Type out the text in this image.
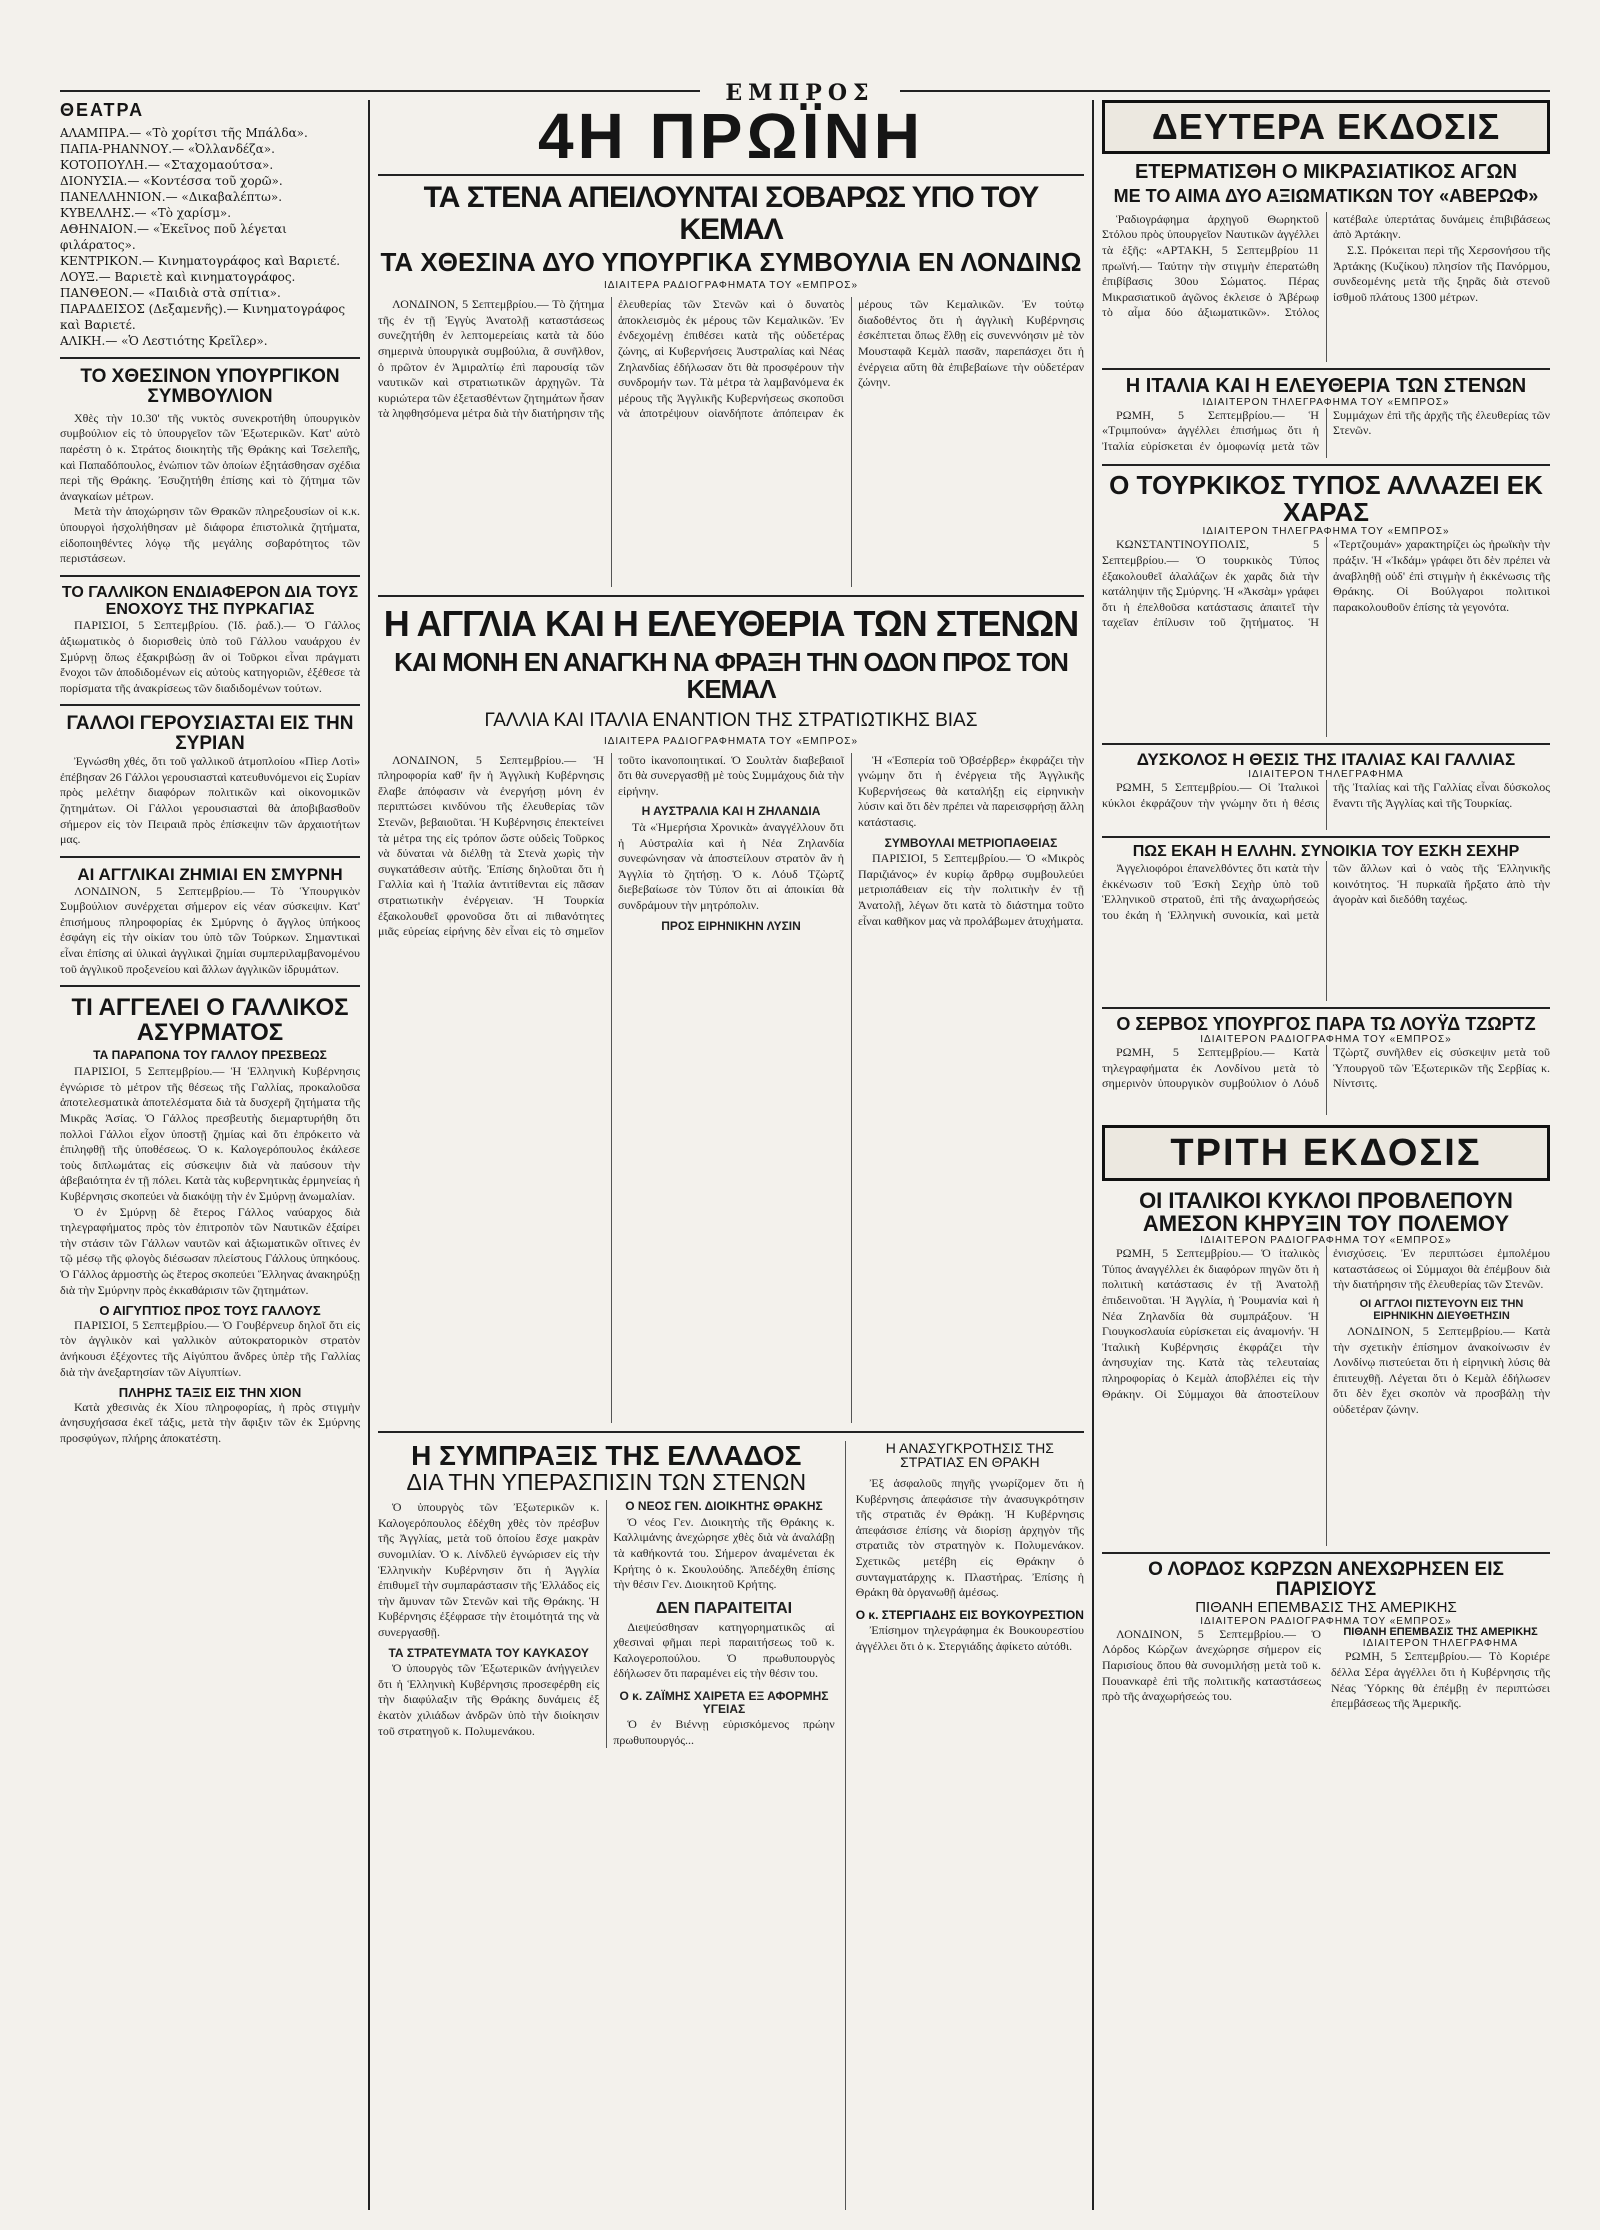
ΕΜΠΡΟΣ
ΘΕΑΤΡΑ

ΑΛΑΜΠΡΑ.— «Τὸ χορίτσι τῆς Μπάλδα».

ΠΑΠΑ-ΡΗΑΝΝΟΥ.— «Ὀλλανδέζα».

ΚΟΤΟΠΟΥΛΗ.— «Σταχομαούτσα».

ΔΙΟΝΥΣΙΑ.— «Κοντέσσα τοῦ χορῶ».

ΠΑΝΕΛΛΗΝΙΟΝ.— «Δικαβαλέπτω».

ΚΥΒΕΛΛΗΣ.— «Τὸ χαρίσμ».

ΑΘΗΝΑΙΟΝ.— «Ἐκεῖνος ποῦ λέγεται φιλάρατος».

ΚΕΝΤΡΙΚΟΝ.— Κινηματογράφος καὶ Βαριετέ.

ΛΟΥΞ.— Βαριετὲ καὶ κινηματογράφος.

ΠΑΝΘΕΟΝ.— «Παιδιὰ στὰ σπίτια».

ΠΑΡΑΔΕΙΣΟΣ (Δεξαμενῆς).— Κινηματογράφος καὶ Βαριετέ.

ΑΛΙΚΗ.— «Ὁ Λεστιότης Κρεῖλερ».

ΤΟ ΧΘΕΣΙΝΟΝ ΥΠΟΥΡΓΙΚΟΝ ΣΥΜΒΟΥΛΙΟΝ

Χθὲς τὴν 10.30' τῆς νυκτὸς συνεκροτήθη ὑπουργικὸν συμβούλιον εἰς τὸ ὑπουργεῖον τῶν Ἐξωτερικῶν. Κατ' αὐτὸ παρέστη ὁ κ. Στράτος διοικητὴς τῆς Θράκης καὶ Τσελεπῆς, καὶ Παπαδόπουλος, ἐνώπιον τῶν ὁποίων ἐξητάσθησαν σχέδια περὶ τῆς Θράκης. Ἐσυζητήθη ἐπίσης καὶ τὸ ζήτημα τῶν ἀναγκαίων μέτρων.

Μετὰ τὴν ἀποχώρησιν τῶν Θρακῶν πληρεξουσίων οἱ κ.κ. ὑπουργοὶ ἠσχολήθησαν μὲ διάφορα ἐπιστολικὰ ζητήματα, εἰδοποιηθέντες λόγῳ τῆς μεγάλης σοβαρότητος τῶν περιστάσεων.

ΤΟ ΓΑΛΛΙΚΟΝ ΕΝΔΙΑΦΕΡΟΝ ΔΙΑ ΤΟΥΣ ΕΝΟΧΟΥΣ ΤΗΣ ΠΥΡΚΑΓΙΑΣ

ΠΑΡΙΣΙΟΙ, 5 Σεπτεμβρίου. (Ἰδ. ῥαδ.).— Ὁ Γάλλος ἀξιωματικὸς ὁ διορισθεὶς ὑπὸ τοῦ Γάλλου ναυάρχου ἐν Σμύρνῃ ὅπως ἐξακριβώσῃ ἂν οἱ Τοῦρκοι εἶναι πράγματι ἔνοχοι τῶν ἀποδιδομένων εἰς αὐτοὺς κατηγοριῶν, ἐξέθεσε τὰ πορίσματα τῆς ἀνακρίσεως τῶν διαδιδομένων τούτων.

ΓΑΛΛΟΙ ΓΕΡΟΥΣΙΑΣΤΑΙ ΕΙΣ ΤΗΝ ΣΥΡΙΑΝ

Ἐγνώσθη χθές, ὅτι τοῦ γαλλικοῦ ἀτμοπλοίου «Πὶερ Λοτὶ» ἐπέβησαν 26 Γάλλοι γερουσιασταὶ κατευθυνόμενοι εἰς Συρίαν πρὸς μελέτην διαφόρων πολιτικῶν καὶ οἰκονομικῶν ζητημάτων. Οἱ Γάλλοι γερουσιασταὶ θὰ ἀποβιβασθοῦν σήμερον εἰς τὸν Πειραιᾶ πρὸς ἐπίσκεψιν τῶν ἀρχαιοτήτων μας.

ΑΙ ΑΓΓΛΙΚΑΙ ΖΗΜΙΑΙ ΕΝ ΣΜΥΡΝΗ

ΛΟΝΔΙΝΟΝ, 5 Σεπτεμβρίου.— Τὸ Ὑπουργικὸν Συμβούλιον συνέρχεται σήμερον εἰς νέαν σύσκεψιν. Κατ' ἐπισήμους πληροφορίας ἐκ Σμύρνης ὁ ἄγγλος ὑπήκοος ἐσφάγη εἰς τὴν οἰκίαν του ὑπὸ τῶν Τούρκων. Σημαντικαὶ εἶναι ἐπίσης αἱ ὑλικαὶ ἀγγλικαὶ ζημίαι συμπεριλαμβανομένου τοῦ ἀγγλικοῦ προξενείου καὶ ἄλλων ἀγγλικῶν ἱδρυμάτων.

ΤΙ ΑΓΓΕΛΕΙ Ο ΓΑΛΛΙΚΟΣ ΑΣΥΡΜΑΤΟΣ
ΤΑ ΠΑΡΑΠΟΝΑ ΤΟΥ ΓΑΛΛΟΥ ΠΡΕΣΒΕΩΣ

ΠΑΡΙΣΙΟΙ, 5 Σεπτεμβρίου.— Ἡ Ἑλληνικὴ Κυβέρνησις ἐγνώρισε τὸ μέτρον τῆς θέσεως τῆς Γαλλίας, προκαλοῦσα ἀποτελεσματικὰ ἀποτελέσματα διὰ τὰ δυσχερῆ ζητήματα τῆς Μικρᾶς Ἀσίας. Ὁ Γάλλος πρεσβευτὴς διεμαρτυρήθη ὅτι πολλοὶ Γάλλοι εἶχον ὑποστῇ ζημίας καὶ ὅτι ἐπρόκειτο νὰ ἐπιληφθῇ τῆς ὑποθέσεως. Ὁ κ. Καλογερόπουλος ἐκάλεσε τοὺς διπλωμάτας εἰς σύσκεψιν διὰ νὰ παύσουν τὴν ἀβεβαιότητα ἐν τῇ πόλει. Κατὰ τὰς κυβερνητικὰς ἐρμηνείας ἡ Κυβέρνησις σκοπεύει νὰ διακόψῃ τὴν ἐν Σμύρνῃ ἀνωμαλίαν.

Ὁ ἐν Σμύρνῃ δὲ ἕτερος Γάλλος ναύαρχος διὰ τηλεγραφήματος πρὸς τὸν ἐπιτροπὸν τῶν Ναυτικῶν ἐξαίρει τὴν στάσιν τῶν Γάλλων ναυτῶν καὶ ἀξιωματικῶν οἵτινες ἐν τῷ μέσῳ τῆς φλογὸς διέσωσαν πλείστους Γάλλους ὑπηκόους. Ὁ Γάλλος ἀρμοστὴς ὡς ἕτερος σκοπεύει Ἕλληνας ἀνακηρύξῃ διὰ τὴν Σμύρνην πρὸς ἐκκαθάρισιν τῶν ζητημάτων.

Ο ΑΙΓΥΠΤΙΟΣ ΠΡΟΣ ΤΟΥΣ ΓΑΛΛΟΥΣ

ΠΑΡΙΣΙΟΙ, 5 Σεπτεμβρίου.— Ὁ Γουβέρνευρ δηλοῖ ὅτι εἰς τὸν ἀγγλικὸν καὶ γαλλικὸν αὐτοκρατορικὸν στρατὸν ἀνήκουσι ἐξέχοντες τῆς Αἰγύπτου ἄνδρες ὑπὲρ τῆς Γαλλίας διὰ τὴν ἀνεξαρτησίαν τῶν Αἰγυπτίων.

ΠΛΗΡΗΣ ΤΑΞΙΣ ΕΙΣ ΤΗΝ ΧΙΟΝ

Κατὰ χθεσινὰς ἐκ Χίου πληροφορίας, ἡ πρὸς στιγμὴν ἀνησυχήσασα ἐκεῖ τάξις, μετὰ τὴν ἄφιξιν τῶν ἐκ Σμύρνης προσφύγων, πλήρης ἀποκατέστη.

4Η ΠΡΩΪΝΗ
ΤΑ ΣΤΕΝΑ ΑΠΕΙΛΟΥΝΤΑΙ ΣΟΒΑΡΩΣ ΥΠΟ ΤΟΥ ΚΕΜΑΛ
ΤΑ ΧΘΕΣΙΝΑ ΔΥΟ ΥΠΟΥΡΓΙΚΑ ΣΥΜΒΟΥΛΙΑ ΕΝ ΛΟΝΔΙΝΩ
ΙΔΙΑΙΤΕΡΑ ΡΑΔΙΟΓΡΑΦΗΜΑΤΑ ΤΟΥ «ΕΜΠΡΟΣ»

ΛΟΝΔΙΝΟΝ, 5 Σεπτεμβρίου.— Τὸ ζήτημα τῆς ἐν τῇ Ἐγγὺς Ἀνατολῇ καταστάσεως συνεζητήθη ἐν λεπτομερείαις κατὰ τὰ δύο σημερινὰ ὑπουργικὰ συμβούλια, ἃ συνῆλθον, ὁ πρῶτον ἐν Ἀμιραλτίῳ ἐπὶ παρουσίᾳ τῶν ναυτικῶν καὶ στρατιωτικῶν ἀρχηγῶν. Τὰ κυριώτερα τῶν ἐξετασθέντων ζητημάτων ἧσαν τὰ ληφθησόμενα μέτρα διὰ τὴν διατήρησιν τῆς ἐλευθερίας τῶν Στενῶν καὶ ὁ δυνατὸς ἀποκλεισμὸς ἐκ μέρους τῶν Κεμαλικῶν. Ἐν ἐνδεχομένῃ ἐπιθέσει κατὰ τῆς οὐδετέρας ζώνης, αἱ Κυβερνήσεις Ἀυστραλίας καὶ Νέας Ζηλανδίας ἐδήλωσαν ὅτι θὰ προσφέρουν τὴν συνδρομήν των. Τὰ μέτρα τὰ λαμβανόμενα ἐκ μέρους τῆς Ἀγγλικῆς Κυβερνήσεως σκοποῦσι νὰ ἀποτρέψουν οἱανδήποτε ἀπόπειραν ἐκ μέρους τῶν Κεμαλικῶν. Ἐν τούτῳ διαδοθέντος ὅτι ἡ ἀγγλικὴ Κυβέρνησις ἐσκέπτεται ὅπως ἔλθῃ εἰς συνεννόησιν μὲ τὸν Μουσταφᾶ Κεμὰλ πασᾶν, παρεπάσχει ὅτι ἡ ἐνέργεια αὕτη θὰ ἐπιβεβαίωνε τὴν οὐδετέραν ζώνην.

Η ΑΓΓΛΙΑ ΚΑΙ Η ΕΛΕΥΘΕΡΙΑ ΤΩΝ ΣΤΕΝΩΝ
ΚΑΙ ΜΟΝΗ ΕΝ ΑΝΑΓΚΗ ΝΑ ΦΡΑΞΗ ΤΗΝ ΟΔΟΝ ΠΡΟΣ ΤΟΝ ΚΕΜΑΛ
ΓΑΛΛΙΑ ΚΑΙ ΙΤΑΛΙΑ ΕΝΑΝΤΙΟΝ ΤΗΣ ΣΤΡΑΤΙΩΤΙΚΗΣ ΒΙΑΣ
ΙΔΙΑΙΤΕΡΑ ΡΑΔΙΟΓΡΑΦΗΜΑΤΑ ΤΟΥ «ΕΜΠΡΟΣ»

ΛΟΝΔΙΝΟΝ, 5 Σεπτεμβρίου.— Ἡ πληροφορία καθ' ἣν ἡ Ἀγγλικὴ Κυβέρνησις ἔλαβε ἀπόφασιν νὰ ἐνεργήσῃ μόνη ἐν περιπτώσει κινδύνου τῆς ἐλευθερίας τῶν Στενῶν, βεβαιοῦται. Ἡ Κυβέρνησις ἐπεκτείνει τὰ μέτρα της εἰς τρόπον ὥστε οὐδεὶς Τοῦρκος νὰ δύναται νὰ διέλθῃ τὰ Στενὰ χωρὶς τὴν συγκατάθεσιν αὐτῆς. Ἐπίσης δηλοῦται ὅτι ἡ Γαλλία καὶ ἡ Ἰταλία ἀντιτίθενται εἰς πᾶσαν στρατιωτικὴν ἐνέργειαν. Ἡ Τουρκία ἐξακολουθεῖ φρονοῦσα ὅτι αἱ πιθανότητες μιᾶς εὐρείας εἰρήνης δὲν εἶναι εἰς τὸ σημεῖον τοῦτο ἱκανοποιητικαί. Ὁ Σουλτὰν διαβεβαιοῖ ὅτι θὰ συνεργασθῇ μὲ τοὺς Συμμάχους διὰ τὴν εἰρήνην.

Η ΑΥΣΤΡΑΛΙΑ ΚΑΙ Η ΖΗΛΑΝΔΙΑ

Τὰ «Ἡμερήσια Χρονικὰ» ἀναγγέλλουν ὅτι ἡ Αὐστραλία καὶ ἡ Νέα Ζηλανδία συνεφώνησαν νὰ ἀποστείλουν στρατὸν ἂν ἡ Ἀγγλία τὸ ζητήσῃ. Ὁ κ. Λόυδ Τζὼρτζ διεβεβαίωσε τὸν Τύπον ὅτι αἱ ἀποικίαι θὰ συνδράμουν τὴν μητρόπολιν.

ΠΡΟΣ ΕΙΡΗΝΙΚΗΝ ΛΥΣΙΝ

Ἡ «Ἑσπερία τοῦ Ὀβσέρβερ» ἐκφράζει τὴν γνώμην ὅτι ἡ ἐνέργεια τῆς Ἀγγλικῆς Κυβερνήσεως θὰ καταλήξῃ εἰς εἰρηνικὴν λύσιν καὶ ὅτι δὲν πρέπει νὰ παρεισφρήσῃ ἄλλη κατάστασις.

ΣΥΜΒΟΥΛΑΙ ΜΕΤΡΙΟΠΑΘΕΙΑΣ

ΠΑΡΙΣΙΟΙ, 5 Σεπτεμβρίου.— Ὁ «Μικρὸς Παριζιάνος» ἐν κυρίῳ ἄρθρῳ συμβουλεύει μετριοπάθειαν εἰς τὴν πολιτικὴν ἐν τῇ Ἀνατολῇ, λέγων ὅτι κατὰ τὸ διάστημα τοῦτο εἶναι καθῆκον μας νὰ προλάβωμεν ἀτυχήματα.

Η ΣΥΜΠΡΑΞΙΣ ΤΗΣ ΕΛΛΑΔΟΣ
ΔΙΑ ΤΗΝ ΥΠΕΡΑΣΠΙΣΙΝ ΤΩΝ ΣΤΕΝΩΝ

Ὁ ὑπουργὸς τῶν Ἐξωτερικῶν κ. Καλογερόπουλος ἐδέχθη χθὲς τὸν πρέσβυν τῆς Ἀγγλίας, μετὰ τοῦ ὁποίου ἔσχε μακρὰν συνομιλίαν. Ὁ κ. Λίνδλεϋ ἐγνώρισεν εἰς τὴν Ἑλληνικὴν Κυβέρνησιν ὅτι ἡ Ἀγγλία ἐπιθυμεῖ τὴν συμπαράστασιν τῆς Ἑλλάδος εἰς τὴν ἄμυναν τῶν Στενῶν καὶ τῆς Θράκης. Ἡ Κυβέρνησις ἐξέφρασε τὴν ἑτοιμότητά της νὰ συνεργασθῇ.

ΤΑ ΣΤΡΑΤΕΥΜΑΤΑ ΤΟΥ ΚΑΥΚΑΣΟΥ

Ὁ ὑπουργὸς τῶν Ἐξωτερικῶν ἀνήγγειλεν ὅτι ἡ Ἑλληνικὴ Κυβέρνησις προσεφέρθη εἰς τὴν διαφύλαξιν τῆς Θράκης δυνάμεις ἐξ ἑκατὸν χιλιάδων ἀνδρῶν ὑπὸ τὴν διοίκησιν τοῦ στρατηγοῦ κ. Πολυμενάκου.

Ο ΝΕΟΣ ΓΕΝ. ΔΙΟΙΚΗΤΗΣ ΘΡΑΚΗΣ

Ὁ νέος Γεν. Διοικητὴς τῆς Θράκης κ. Καλλιμάνης ἀνεχώρησε χθὲς διὰ νὰ ἀναλάβῃ τὰ καθήκοντά του. Σήμερον ἀναμένεται ἐκ Κρήτης ὁ κ. Σκουλούδης. Ἀπεδέχθη ἐπίσης τὴν θέσιν Γεν. Διοικητοῦ Κρήτης.

ΔΕΝ ΠΑΡΑΙΤΕΙΤΑΙ

Διεψεύσθησαν κατηγορηματικῶς αἱ χθεσιναὶ φῆμαι περὶ παραιτήσεως τοῦ κ. Καλογεροπούλου. Ὁ πρωθυπουργὸς ἐδήλωσεν ὅτι παραμένει εἰς τὴν θέσιν του.

Ο κ. ΖΑΪΜΗΣ ΧΑΙΡΕΤΑ ΕΞ ΑΦΟΡΜΗΣ ΥΓΕΙΑΣ

Ὁ ἐν Βιέννῃ εὑρισκόμενος πρώην πρωθυπουργός...

Η ΑΝΑΣΥΓΚΡΟΤΗΣΙΣ ΤΗΣ ΣΤΡΑΤΙΑΣ ΕΝ ΘΡΑΚΗ

Ἐξ ἀσφαλοῦς πηγῆς γνωρίζομεν ὅτι ἡ Κυβέρνησις ἀπεφάσισε τὴν ἀνασυγκρότησιν τῆς στρατιᾶς ἐν Θράκῃ. Ἡ Κυβέρνησις ἀπεφάσισε ἐπίσης νὰ διορίσῃ ἀρχηγὸν τῆς στρατιᾶς τὸν στρατηγὸν κ. Πολυμενάκον. Σχετικῶς μετέβη εἰς Θράκην ὁ συνταγματάρχης κ. Πλαστήρας. Ἐπίσης ἡ Θράκη θὰ ὀργανωθῇ ἀμέσως.

Ο κ. ΣΤΕΡΓΙΑΔΗΣ ΕΙΣ ΒΟΥΚΟΥΡΕΣΤΙΟΝ

Ἐπίσημον τηλεγράφημα ἐκ Βουκουρεστίου ἀγγέλλει ὅτι ὁ κ. Στεργιάδης ἀφίκετο αὐτόθι.

ΔΕΥΤΕΡΑ ΕΚΔΟΣΙΣ
ΕΤΕΡΜΑΤΙΣΘΗ Ο ΜΙΚΡΑΣΙΑΤΙΚΟΣ ΑΓΩΝ
ΜΕ ΤΟ ΑΙΜΑ ΔΥΟ ΑΞΙΩΜΑΤΙΚΩΝ ΤΟΥ «ΑΒΕΡΩΦ»

Ῥαδιογράφημα ἀρχηγοῦ Θωρηκτοῦ Στόλου πρὸς ὑπουργεῖον Ναυτικῶν ἀγγέλλει τὰ ἑξῆς: «ΑΡΤΑΚΗ, 5 Σεπτεμβρίου 11 πρωϊνή.— Ταύτην τὴν στιγμὴν ἐπερατώθη ἐπιβίβασις 30ου Σώματος. Πέρας Μικρασιατικοῦ ἀγῶνος ἐκλεισε ὁ Ἀβέρωφ τὸ αἷμα δύο ἀξιωματικῶν». Στόλος κατέβαλε ὑπερτάτας δυνάμεις ἐπιβιβάσεως ἀπὸ Ἀρτάκην.

Σ.Σ. Πρόκειται περὶ τῆς Χερσονήσου τῆς Ἀρτάκης (Κυζίκου) πλησίον τῆς Πανόρμου, συνδεομένης μετὰ τῆς ξηρᾶς διὰ στενοῦ ἰσθμοῦ πλάτους 1300 μέτρων.

Η ΙΤΑΛΙΑ ΚΑΙ Η ΕΛΕΥΘΕΡΙΑ ΤΩΝ ΣΤΕΝΩΝ
ΙΔΙΑΙΤΕΡΟΝ ΤΗΛΕΓΡΑΦΗΜΑ ΤΟΥ «ΕΜΠΡΟΣ»

ΡΩΜΗ, 5 Σεπτεμβρίου.— Ἡ «Τριμπούνα» ἀγγέλλει ἐπισήμως ὅτι ἡ Ἰταλία εὑρίσκεται ἐν ὁμοφωνίᾳ μετὰ τῶν Συμμάχων ἐπὶ τῆς ἀρχῆς τῆς ἐλευθερίας τῶν Στενῶν.

Ο ΤΟΥΡΚΙΚΟΣ ΤΥΠΟΣ ΑΛΛΑΖΕΙ ΕΚ ΧΑΡΑΣ
ΙΔΙΑΙΤΕΡΟΝ ΤΗΛΕΓΡΑΦΗΜΑ ΤΟΥ «ΕΜΠΡΟΣ»

ΚΩΝΣΤΑΝΤΙΝΟΥΠΟΛΙΣ, 5 Σεπτεμβρίου.— Ὁ τουρκικὸς Τύπος ἐξακολουθεῖ ἀλαλάζων ἐκ χαρᾶς διὰ τὴν κατάληψιν τῆς Σμύρνης. Ἡ «Ἀκσὰμ» γράφει ὅτι ἡ ἐπελθοῦσα κατάστασις ἀπαιτεῖ τὴν ταχεῖαν ἐπίλυσιν τοῦ ζητήματος. Ἡ «Τερτζουμάν» χαρακτηρίζει ὡς ἡρωϊκὴν τὴν πράξιν. Ἡ «Ἰκδάμ» γράφει ὅτι δὲν πρέπει νὰ ἀναβληθῇ οὐδ' ἐπὶ στιγμὴν ἡ ἐκκένωσις τῆς Θράκης. Οἱ Βούλγαροι πολιτικοὶ παρακολουθοῦν ἐπίσης τὰ γεγονότα.

ΔΥΣΚΟΛΟΣ Η ΘΕΣΙΣ ΤΗΣ ΙΤΑΛΙΑΣ ΚΑΙ ΓΑΛΛΙΑΣ
ΙΔΙΑΙΤΕΡΟΝ ΤΗΛΕΓΡΑΦΗΜΑ

ΡΩΜΗ, 5 Σεπτεμβρίου.— Οἱ Ἰταλικοὶ κύκλοι ἐκφράζουν τὴν γνώμην ὅτι ἡ θέσις τῆς Ἰταλίας καὶ τῆς Γαλλίας εἶναι δύσκολος ἔναντι τῆς Ἀγγλίας καὶ τῆς Τουρκίας.

ΠΩΣ ΕΚΑΗ Η ΕΛΛΗΝ. ΣΥΝΟΙΚΙΑ ΤΟΥ ΕΣΚΗ ΣΕΧΗΡ

Ἀγγελιοφόροι ἐπανελθόντες ὅτι κατὰ τὴν ἐκκένωσιν τοῦ Ἐσκὴ Σεχὴρ ὑπὸ τοῦ Ἑλληνικοῦ στρατοῦ, ἐπὶ τῆς ἀναχωρήσεώς του ἐκάη ἡ Ἑλληνικὴ συνοικία, καὶ μετὰ τῶν ἄλλων καὶ ὁ ναὸς τῆς Ἑλληνικῆς κοινότητος. Ἡ πυρκαϊὰ ἤρξατο ἀπὸ τὴν ἀγορὰν καὶ διεδόθη ταχέως.

Ο ΣΕΡΒΟΣ ΥΠΟΥΡΓΟΣ ΠΑΡΑ ΤΩ ΛΟΥΫΔ ΤΖΩΡΤΖ
ΙΔΙΑΙΤΕΡΟΝ ΡΑΔΙΟΓΡΑΦΗΜΑ ΤΟΥ «ΕΜΠΡΟΣ»

ΡΩΜΗ, 5 Σεπτεμβρίου.— Κατὰ τηλεγραφήματα ἐκ Λονδίνου μετὰ τὸ σημερινὸν ὑπουργικὸν συμβούλιον ὁ Λόυδ Τζὼρτζ συνῆλθεν εἰς σύσκεψιν μετὰ τοῦ Ὑπουργοῦ τῶν Ἐξωτερικῶν τῆς Σερβίας κ. Νίντσιτς.

ΤΡΙΤΗ ΕΚΔΟΣΙΣ
ΟΙ ΙΤΑΛΙΚΟΙ ΚΥΚΛΟΙ ΠΡΟΒΛΕΠΟΥΝ ΑΜΕΣΟΝ ΚΗΡΥΞΙΝ ΤΟΥ ΠΟΛΕΜΟΥ
ΙΔΙΑΙΤΕΡΟΝ ΡΑΔΙΟΓΡΑΦΗΜΑ ΤΟΥ «ΕΜΠΡΟΣ»

ΡΩΜΗ, 5 Σεπτεμβρίου.— Ὁ ἰταλικὸς Τύπος ἀναγγέλλει ἐκ διαφόρων πηγῶν ὅτι ἡ πολιτικὴ κατάστασις ἐν τῇ Ἀνατολῇ ἐπιδεινοῦται. Ἡ Ἀγγλία, ἡ Ῥουμανία καὶ ἡ Νέα Ζηλανδία θὰ συμπράξουν. Ἡ Γιουγκοσλαυία εὑρίσκεται εἰς ἀναμονήν. Ἡ Ἰταλικὴ Κυβέρνησις ἐκφράζει τὴν ἀνησυχίαν της. Κατὰ τὰς τελευταίας πληροφορίας ὁ Κεμὰλ ἀποβλέπει εἰς τὴν Θράκην. Οἱ Σύμμαχοι θὰ ἀποστείλουν ἐνισχύσεις. Ἐν περιπτώσει ἐμπολέμου καταστάσεως οἱ Σύμμαχοι θὰ ἐπέμβουν διὰ τὴν διατήρησιν τῆς ἐλευθερίας τῶν Στενῶν.

ΟΙ ΑΓΓΛΟΙ ΠΙΣΤΕΥΟΥΝ ΕΙΣ ΤΗΝ ΕΙΡΗΝΙΚΗΝ ΔΙΕΥΘΕΤΗΣΙΝ

ΛΟΝΔΙΝΟΝ, 5 Σεπτεμβρίου.— Κατὰ τὴν σχετικὴν ἐπίσημον ἀνακοίνωσιν ἐν Λονδίνῳ πιστεύεται ὅτι ἡ εἰρηνικὴ λύσις θὰ ἐπιτευχθῇ. Λέγεται ὅτι ὁ Κεμὰλ ἐδήλωσεν ὅτι δὲν ἔχει σκοπὸν νὰ προσβάλῃ τὴν οὐδετέραν ζώνην.

Ο ΛΟΡΔΟΣ ΚΩΡΖΩΝ ΑΝΕΧΩΡΗΣΕΝ ΕΙΣ ΠΑΡΙΣΙΟΥΣ
ΠΙΘΑΝΗ ΕΠΕΜΒΑΣΙΣ ΤΗΣ ΑΜΕΡΙΚΗΣ
ΙΔΙΑΙΤΕΡΟΝ ΡΑΔΙΟΓΡΑΦΗΜΑ ΤΟΥ «ΕΜΠΡΟΣ»

ΛΟΝΔΙΝΟΝ, 5 Σεπτεμβρίου.— Ὁ Λόρδος Κώρζων ἀνεχώρησε σήμερον εἰς Παρισίους ὅπου θὰ συνομιλήσῃ μετὰ τοῦ κ. Πουανκαρὲ ἐπὶ τῆς πολιτικῆς καταστάσεως πρὸ τῆς ἀναχωρήσεώς του.

ΠΙΘΑΝΗ ΕΠΕΜΒΑΣΙΣ ΤΗΣ ΑΜΕΡΙΚΗΣ
ΙΔΙΑΙΤΕΡΟΝ ΤΗΛΕΓΡΑΦΗΜΑ

ΡΩΜΗ, 5 Σεπτεμβρίου.— Τὸ Κοριέρε δέλλα Σέρα ἀγγέλλει ὅτι ἡ Κυβέρνησις τῆς Νέας Ὑόρκης θὰ ἐπέμβῃ ἐν περιπτώσει ἐπεμβάσεως τῆς Ἀμερικῆς.
